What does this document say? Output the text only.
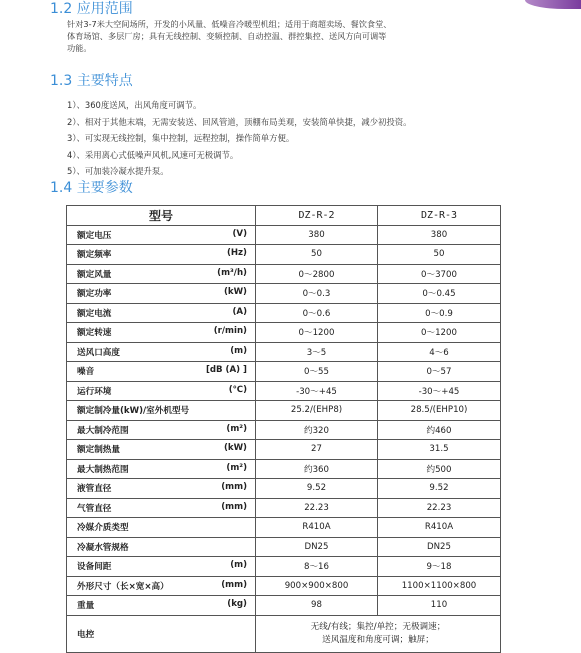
1.2 应用范围
针对3-7米大空间场所，开发的小风量、低噪音冷暖型机组；适用于商超卖场、餐饮食堂、
体育场馆、多层厂房；具有无线控制、变频控制、自动控温、群控集控、送风方向可调等
功能。
1.3 主要特点
1）、360度送风，出风角度可调节。
2）、相对于其他末端，无需安装送、回风管道，顶棚布局美观，安装简单快捷，减少初投资。
3）、可实现无线控制，集中控制，远程控制，操作简单方便。
4）、采用离心式低噪声风机,风速可无极调节。
5）、可加装冷凝水提升泵。
1.4 主要参数
型号	DZ-R-2	DZ-R-3

额定电压 (V)	380	380

额定频率 (Hz)	50	50

额定风量 (m³/h)	0～2800	0～3700

额定功率 (kW)	0～0.3	0～0.45

额定电流 (A)	0～0.6	0～0.9

额定转速 (r/min)	0～1200	0～1200

送风口高度 (m)	3～5	4～6

噪音 [dB (A) ]	0～55	0～57

运行环境 (℃)	-30～+45	-30～+45

额定制冷量(kW)/室外机型号	25.2/(EHP8)	28.5/(EHP10)

最大制冷范围 (m²)	约320	约460

额定制热量 (kW)	27	31.5

最大制热范围 (m²)	约360	约500

液管直径 (mm)	9.52	9.52

气管直径 (mm)	22.23	22.23

冷媒介质类型	R410A	R410A

冷凝水管规格	DN25	DN25

设备间距 (m)	8～16	9～18

外形尺寸（长×宽×高） (mm)	900×900×800	1100×1100×800

重量 (kg)	98	110

电控	无线/有线；集控/单控；无极调速；
送风温度和角度可调；触屏；	
